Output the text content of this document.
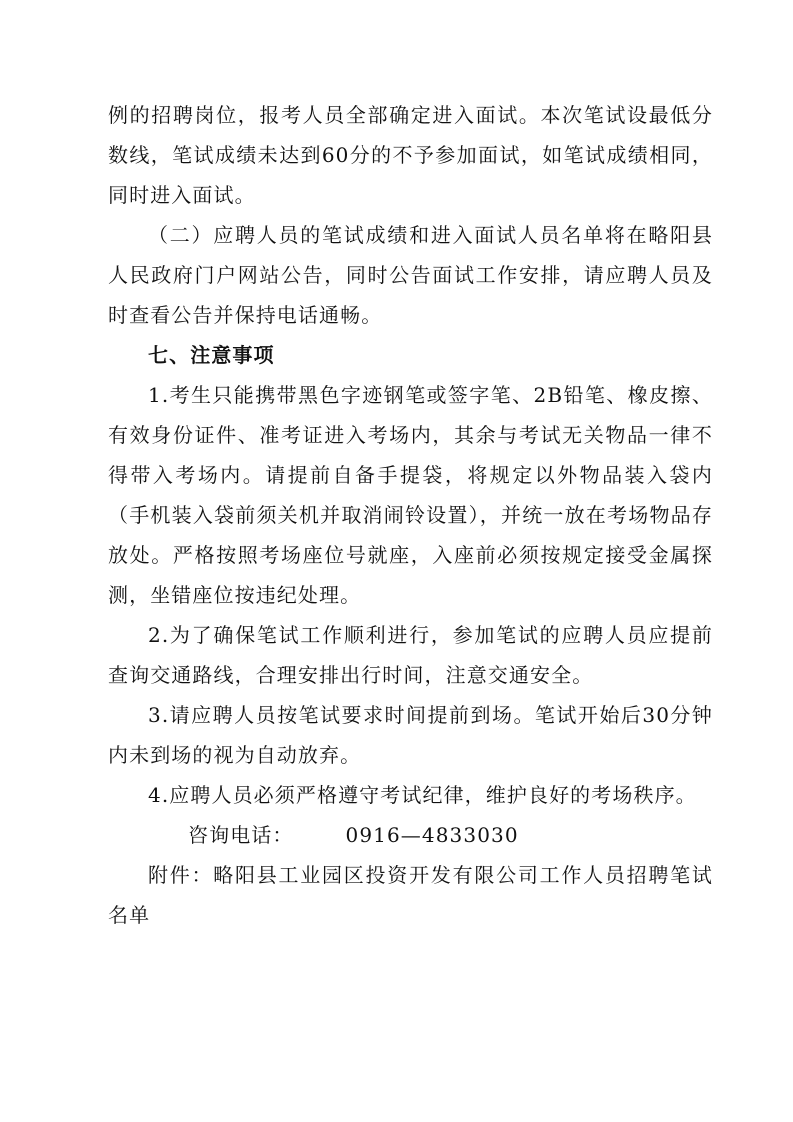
例的招聘岗位，报考人员全部确定进入面试。本次笔试设最低分数线，笔试成绩未达到60分的不予参加面试，如笔试成绩相同，同时进入面试。

（二）应聘人员的笔试成绩和进入面试人员名单将在略阳县人民政府门户网站公告，同时公告面试工作安排，请应聘人员及时查看公告并保持电话通畅。

七、注意事项

1.考生只能携带黑色字迹钢笔或签字笔、2B铅笔、橡皮擦、有效身份证件、准考证进入考场内，其余与考试无关物品一律不得带入考场内。请提前自备手提袋，将规定以外物品装入袋内（手机装入袋前须关机并取消闹铃设置），并统一放在考场物品存放处。严格按照考场座位号就座，入座前必须按规定接受金属探测，坐错座位按违纪处理。

2.为了确保笔试工作顺利进行，参加笔试的应聘人员应提前查询交通路线，合理安排出行时间，注意交通安全。

3.请应聘人员按笔试要求时间提前到场。笔试开始后30分钟内未到场的视为自动放弃。

4.应聘人员必须严格遵守考试纪律，维护良好的考场秩序。

咨询电话：	0916—4833030

附件：略阳县工业园区投资开发有限公司工作人员招聘笔试名单
